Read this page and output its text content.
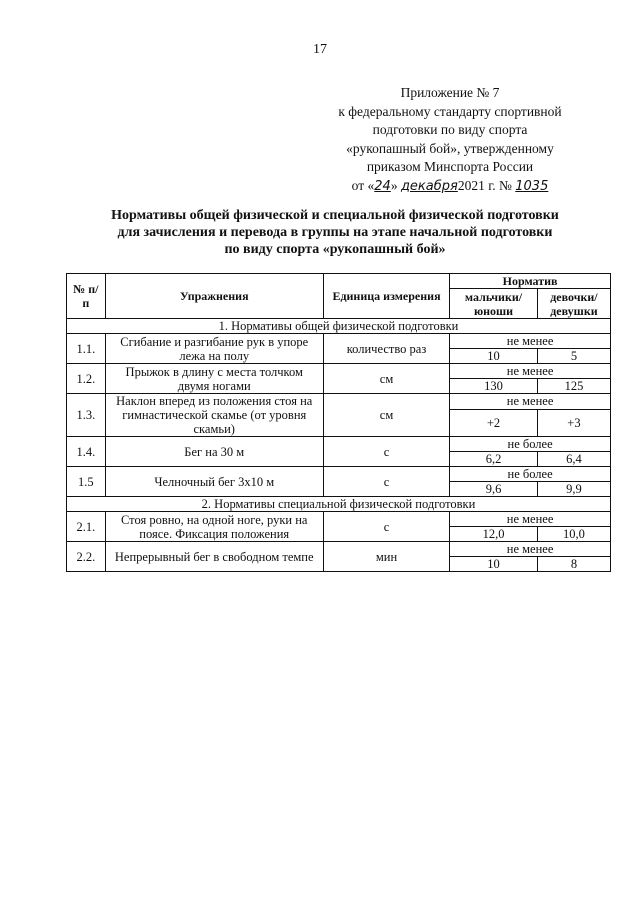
17
Приложение № 7
к федеральному стандарту спортивной
подготовки по виду спорта
«рукопашный бой», утвержденному
приказом Минспорта России
от «24» декабря2021 г. № 1035
Нормативы общей физической и специальной физической подготовки
для зачисления и перевода в группы на этапе начальной подготовки
по виду спорта «рукопашный бой»
№ п/п	Упражнения	Единица измерения	Норматив	
			мальчики/ юноши	девочки/ девушки
1. Нормативы общей физической подготовки				
1.1.	Сгибание и разгибание рук в упоре лежа на полу	количество раз	не менее	
			10	5
1.2.	Прыжок в длину с места толчком двумя ногами	см	не менее	
			130	125
1.3.	Наклон вперед из положения стоя на гимнастической скамье (от уровня скамьи)	см	не менее	
			+2	+3
1.4.	Бег на 30 м	с	не более	
			6,2	6,4
1.5	Челночный бег 3х10 м	с	не более	
			9,6	9,9
2. Нормативы специальной физической подготовки				
2.1.	Стоя ровно, на одной ноге, руки на поясе. Фиксация положения	с	не менее	
			12,0	10,0
2.2.	Непрерывный бег в свободном темпе	мин	не менее	
			10	8
